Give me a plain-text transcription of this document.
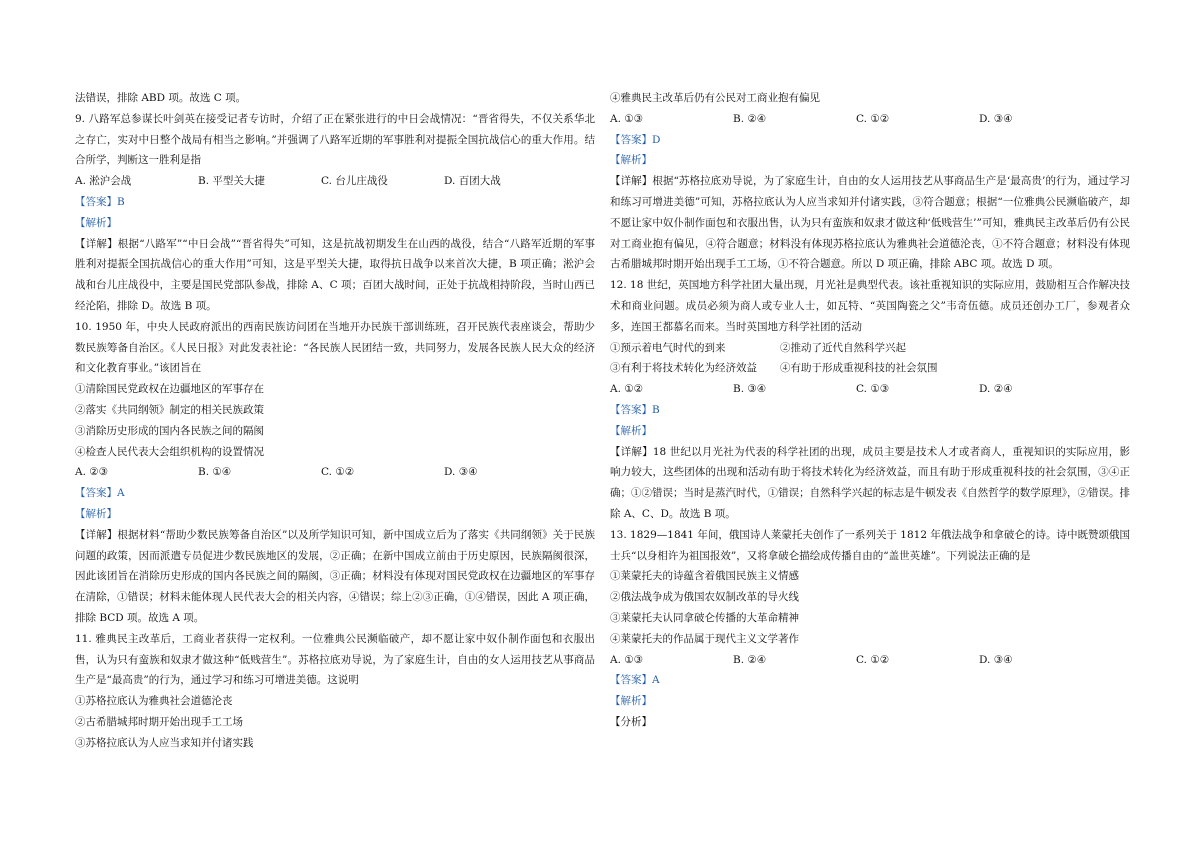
法错误，排除 ABD 项。故选 C 项。

9. 八路军总参谋长叶剑英在接受记者专访时，介绍了正在紧张进行的中日会战情况：“晋省得失，不仅关系华北之存亡，实对中日整个战局有相当之影响。”并强调了八路军近期的军事胜利对提振全国抗战信心的重大作用。结合所学，判断这一胜利是指

A. 淞沪会战	B. 平型关大捷	C. 台儿庄战役	D. 百团大战

【答案】B

【解析】

【详解】根据“八路军”“中日会战”“晋省得失”可知，这是抗战初期发生在山西的战役，结合“八路军近期的军事胜利对提振全国抗战信心的重大作用”可知，这是平型关大捷，取得抗日战争以来首次大捷，B 项正确；淞沪会战和台儿庄战役中，主要是国民党部队参战，排除 A、C 项；百团大战时间，正处于抗战相持阶段，当时山西已经沦陷，排除 D。故选 B 项。

10. 1950 年，中央人民政府派出的西南民族访问团在当地开办民族干部训练班，召开民族代表座谈会，帮助少数民族筹备自治区。《人民日报》对此发表社论：“各民族人民团结一致，共同努力，发展各民族人民大众的经济和文化教育事业。”该团旨在

①清除国民党政权在边疆地区的军事存在

②落实《共同纲领》制定的相关民族政策

③消除历史形成的国内各民族之间的隔阂

④检查人民代表大会组织机构的设置情况

A. ②③	B. ①④	C. ①②	D. ③④

【答案】A

【解析】

【详解】根据材料“帮助少数民族筹备自治区”以及所学知识可知，新中国成立后为了落实《共同纲领》关于民族问题的政策，因而派遣专员促进少数民族地区的发展，②正确；在新中国成立前由于历史原因，民族隔阂很深，因此该团旨在消除历史形成的国内各民族之间的隔阂，③正确；材料没有体现对国民党政权在边疆地区的军事存在清除，①错误；材料未能体现人民代表大会的相关内容，④错误；综上②③正确，①④错误，因此 A 项正确，排除 BCD 项。故选 A 项。

11. 雅典民主改革后，工商业者获得一定权利。一位雅典公民濒临破产，却不愿让家中奴仆制作面包和衣服出售，认为只有蛮族和奴隶才做这种“低贱营生”。苏格拉底劝导说，为了家庭生计，自由的女人运用技艺从事商品生产是“最高贵”的行为，通过学习和练习可增进美德。这说明

①苏格拉底认为雅典社会道德沦丧

②古希腊城邦时期开始出现手工工场

③苏格拉底认为人应当求知并付诸实践

④雅典民主改革后仍有公民对工商业抱有偏见

A. ①③	B. ②④	C. ①②	D. ③④

【答案】D

【解析】

【详解】根据“苏格拉底劝导说，为了家庭生计，自由的女人运用技艺从事商品生产是‘最高贵’的行为，通过学习和练习可增进美德”可知，苏格拉底认为人应当求知并付诸实践，③符合题意；根据“一位雅典公民濒临破产，却不愿让家中奴仆制作面包和衣服出售，认为只有蛮族和奴隶才做这种‘低贱营生’”可知，雅典民主改革后仍有公民对工商业抱有偏见，④符合题意；材料没有体现苏格拉底认为雅典社会道德沦丧，①不符合题意；材料没有体现古希腊城邦时期开始出现手工工场，①不符合题意。所以 D 项正确，排除 ABC 项。故选 D 项。

12. 18 世纪，英国地方科学社团大量出现，月光社是典型代表。该社重视知识的实际应用，鼓励相互合作解决技术和商业问题。成员必须为商人或专业人士，如瓦特、“英国陶瓷之父”韦奇伍德。成员还创办工厂，参观者众多，连国王都慕名而来。当时英国地方科学社团的活动

①预示着电气时代的到来	②推动了近代自然科学兴起
③有利于将技术转化为经济效益	④有助于形成重视科技的社会氛围
A. ①②	B. ③④	C. ①③	D. ②④

【答案】B

【解析】

【详解】18 世纪以月光社为代表的科学社团的出现，成员主要是技术人才或者商人，重视知识的实际应用，影响力较大，这些团体的出现和活动有助于将技术转化为经济效益，而且有助于形成重视科技的社会氛围，③④正确；①②错误；当时是蒸汽时代，①错误；自然科学兴起的标志是牛顿发表《自然哲学的数学原理》，②错误。排除 A、C、D。故选 B 项。

13. 1829—1841 年间，俄国诗人莱蒙托夫创作了一系列关于 1812 年俄法战争和拿破仑的诗。诗中既赞颂俄国士兵“以身相许为祖国报效”，又将拿破仑描绘成传播自由的“盖世英雄”。下列说法正确的是

①莱蒙托夫的诗蕴含着俄国民族主义情感

②俄法战争成为俄国农奴制改革的导火线

③莱蒙托夫认同拿破仑传播的大革命精神

④莱蒙托夫的作品属于现代主义文学著作

A. ①③	B. ②④	C. ①②	D. ③④

【答案】A

【解析】

【分析】
